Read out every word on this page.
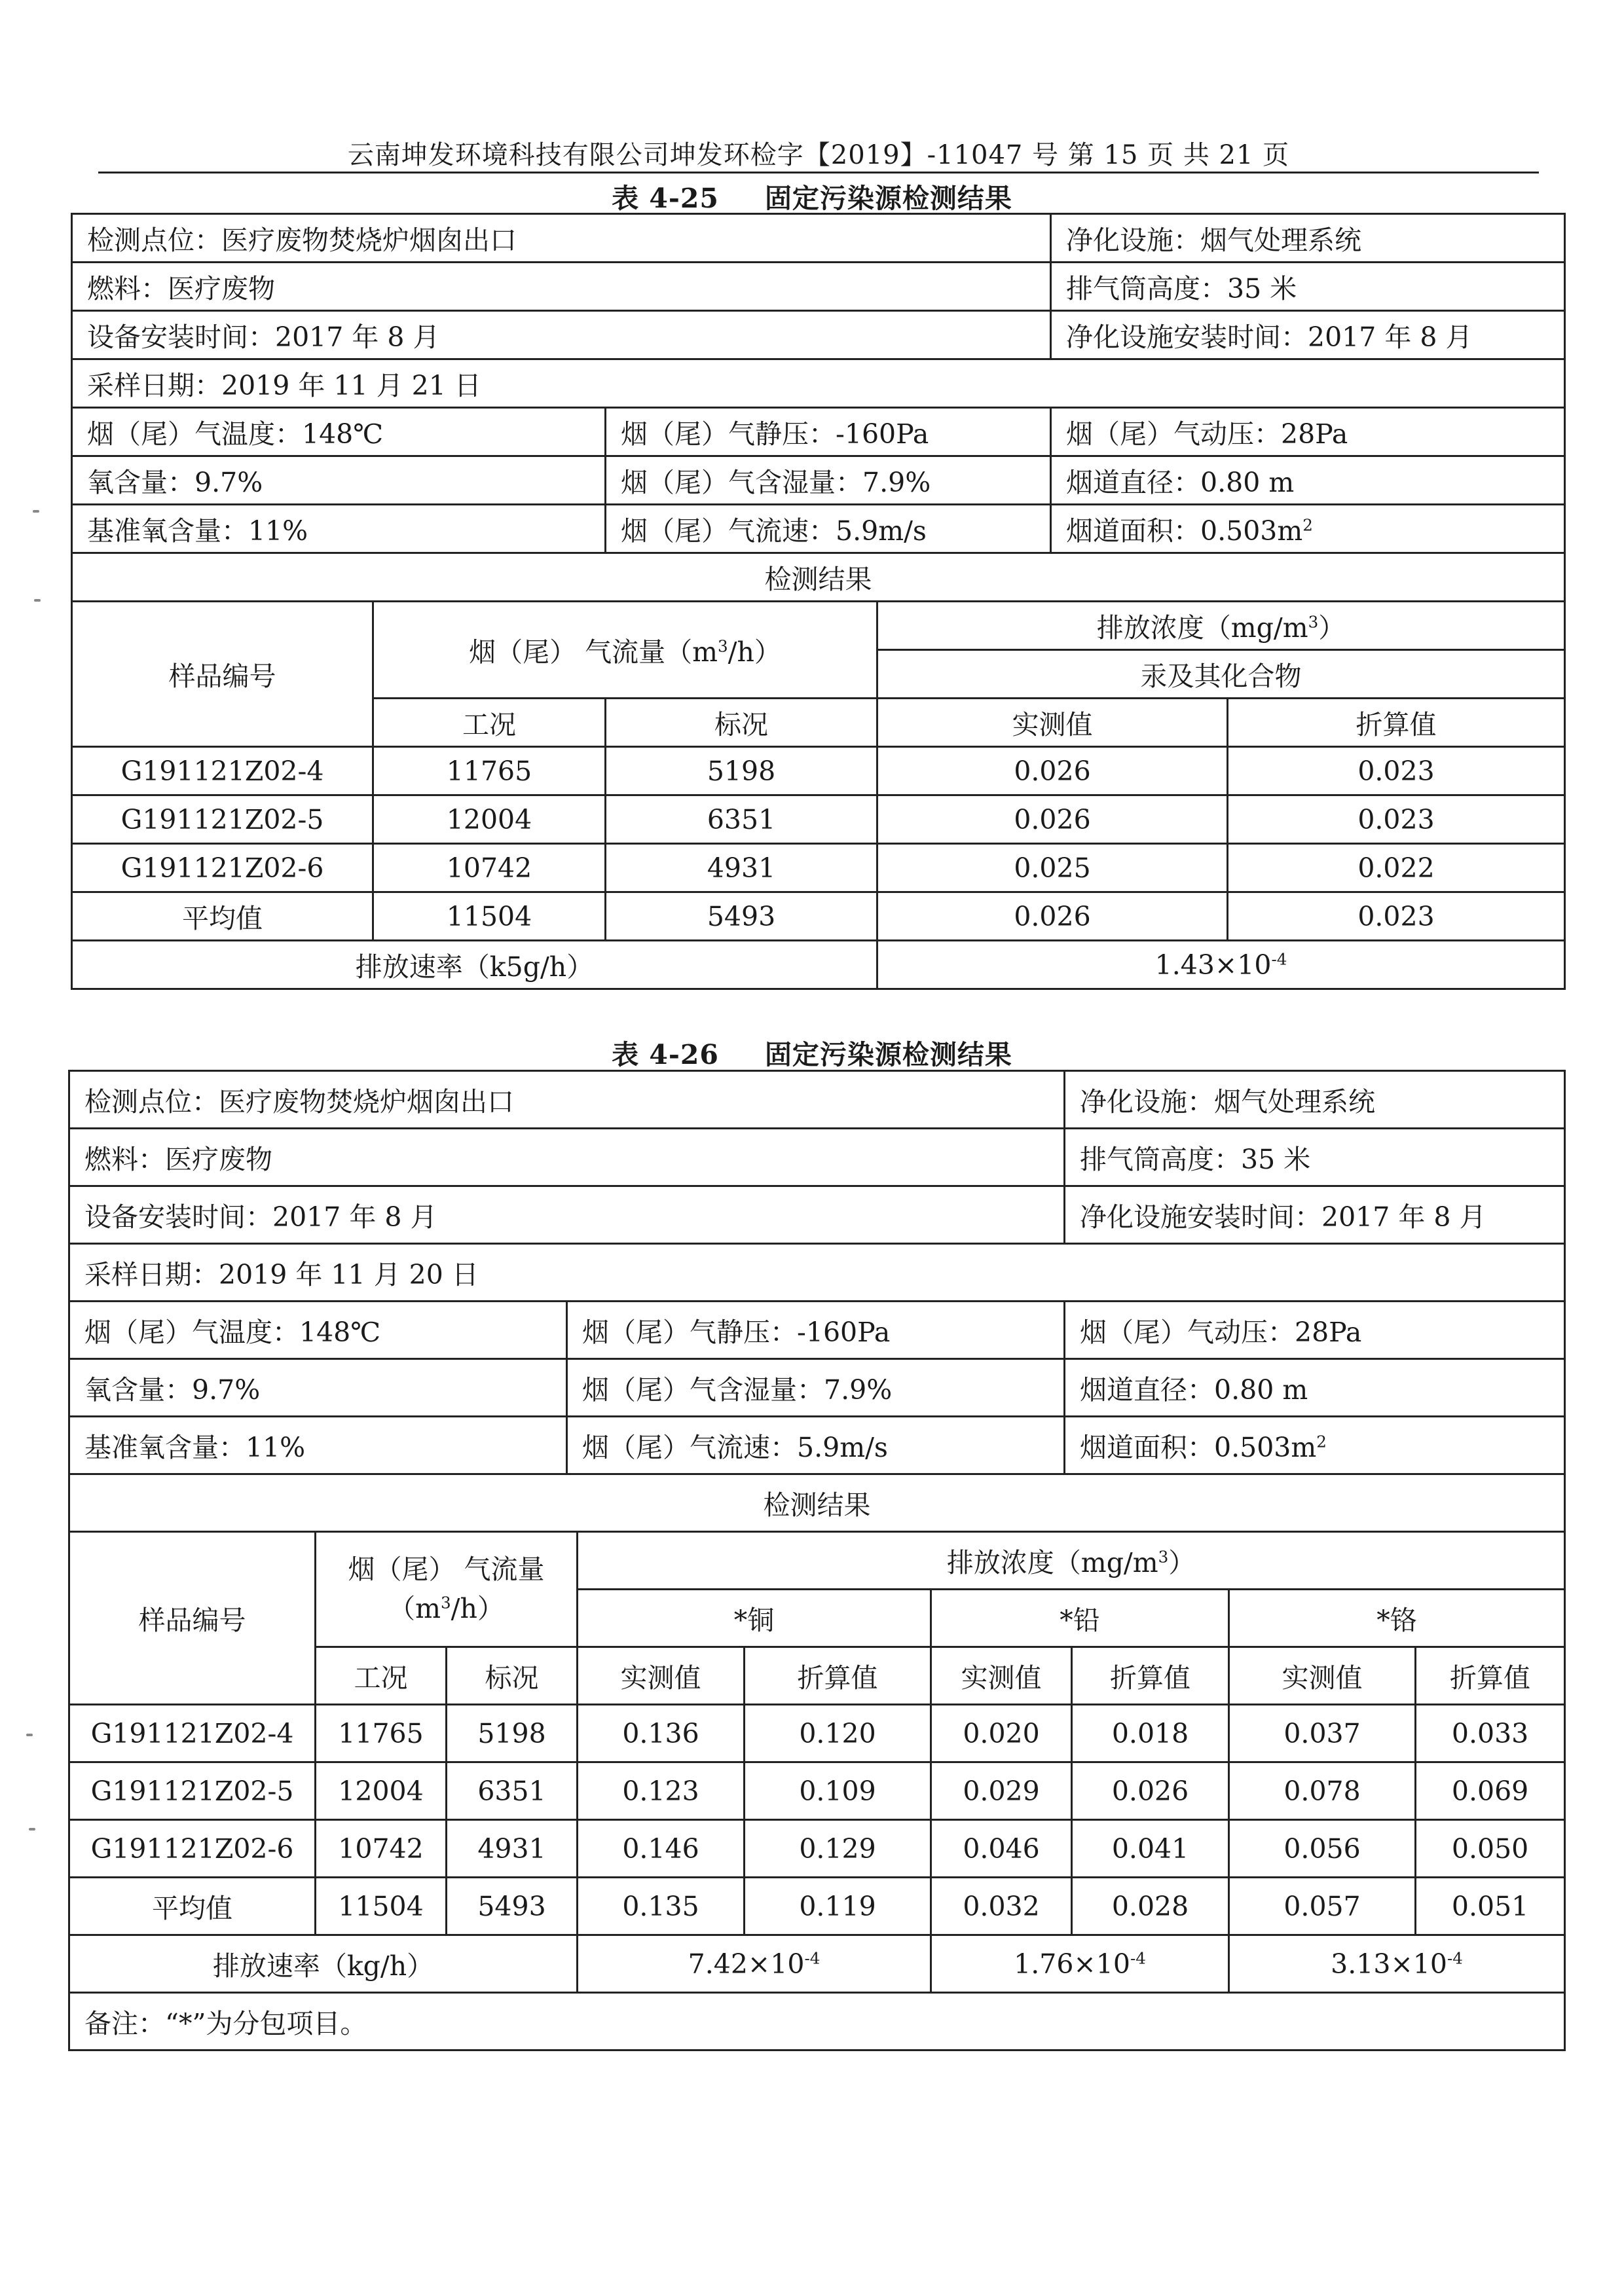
云南坤发环境科技有限公司坤发环检字【2019】-11047 号 第 15 页 共 21 页
表 4-25 固定污染源检测结果
检测点位：医疗废物焚烧炉烟囱出口		净化设施：烟气处理系统
燃料：医疗废物		排气筒高度：35 米
设备安装时间：2017 年 8 月		净化设施安装时间：2017 年 8 月
采样日期：2019 年 11 月 21 日		
烟（尾）气温度：148℃	烟（尾）气静压：-160Pa	烟（尾）气动压：28Pa
氧含量：9.7%	烟（尾）气含湿量：7.9%	烟道直径：0.80 m
基准氧含量：11%	烟（尾）气流速：5.9m/s	烟道面积：$0.503m^2$
检测结果		
样品编号	烟（尾） 气流量$(m^3/h)$		排放浓度$(mg/m^3)$	
			汞及其化合物	
	工况	标况	实测值	折算值
G191121Z02-4	11765	5198	0.026	0.023
G191121Z02-5	12004	6351	0.026	0.023
G191121Z02-6	10742	4931	0.025	0.022
平均值	11504	5493	0.026	0.023
排放速率（k5g/h）			$1.43\times 10^{-4}$
表 4-26 固定污染源检测结果
检测点位：医疗废物焚烧炉烟囱出口		净化设施：烟气处理系统
燃料：医疗废物		排气筒高度：35 米
设备安装时间：2017 年 8 月		净化设施安装时间：2017 年 8 月
采样日期：2019 年 11 月 20 日		
烟（尾）气温度：148℃	烟（尾）气静压：-160Pa	烟（尾）气动压：28Pa
氧含量：9.7%	烟（尾）气含湿量：7.9%	烟道直径：0.80 m
基准氧含量：11%	烟（尾）气流速：5.9m/s	烟道面积：$0.503m^2$
检测结果		
样品编号	烟（尾） 气流量
$(m^3/h)$		排放浓度$(mg/m^3)$					
			*铜		*铅		*铬	
	工况	标况	实测值	折算值	实测值	折算值	实测值	折算值
G191121Z02-4	11765	5198	0.136	0.120	0.020	0.018	0.037	0.033
G191121Z02-5	12004	6351	0.123	0.109	0.029	0.026	0.078	0.069
G191121Z02-6	10742	4931	0.146	0.129	0.046	0.041	0.056	0.050
平均值	11504	5493	0.135	0.119	0.032	0.028	0.057	0.051
排放速率（kg/h）			$7.42\times 10^{-4}$		$1.76\times 10^{-4}$		$3.13\times 10^{-4}$
备注：“*”为分包项目。								
